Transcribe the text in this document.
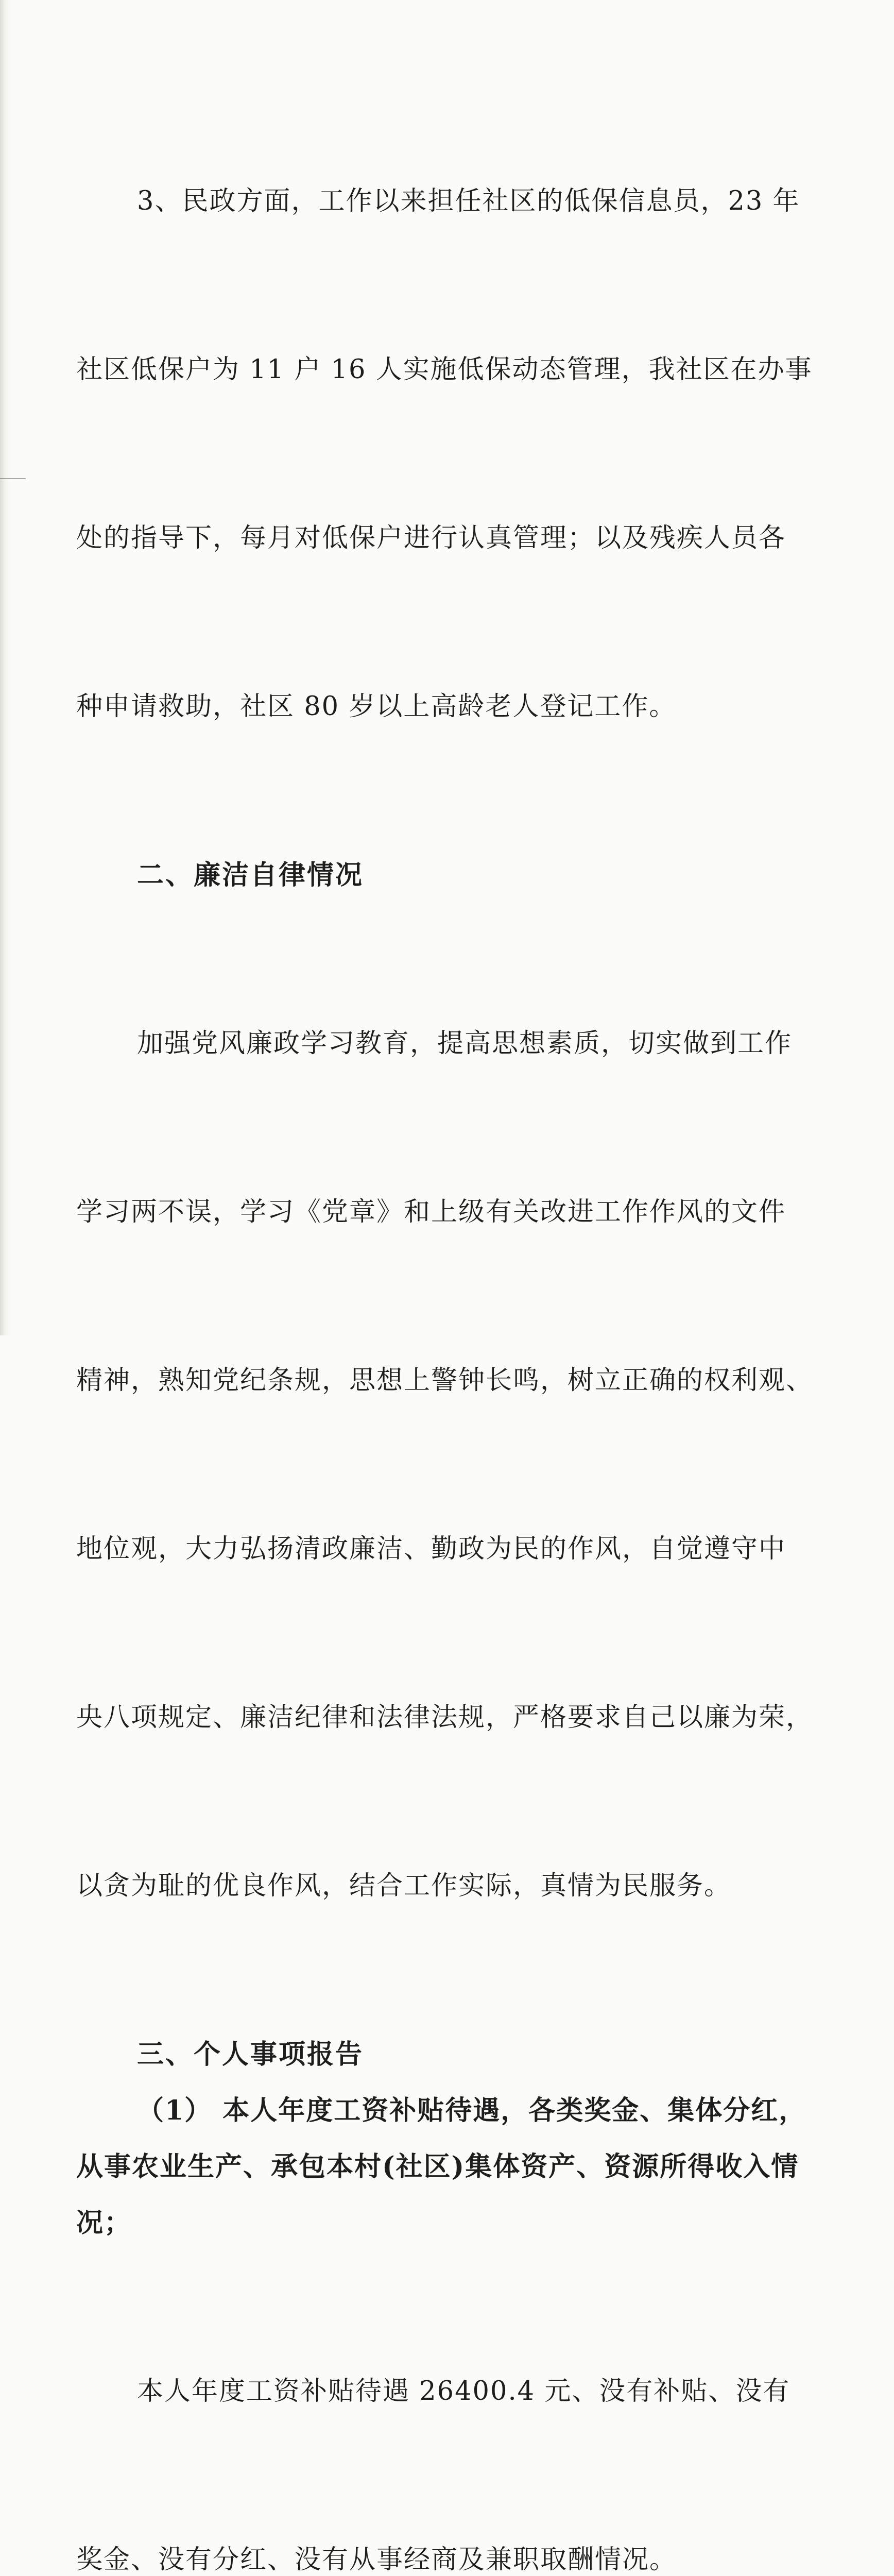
3、民政方面，工作以来担任社区的低保信息员，23 年

社区低保户为 11 户 16 人实施低保动态管理，我社区在办事

处的指导下，每月对低保户进行认真管理；以及残疾人员各

种申请救助，社区 80 岁以上高龄老人登记工作。

二、廉洁自律情况

加强党风廉政学习教育，提高思想素质，切实做到工作

学习两不误，学习《党章》和上级有关改进工作作风的文件

精神，熟知党纪条规，思想上警钟长鸣，树立正确的权利观、

地位观，大力弘扬清政廉洁、勤政为民的作风，自觉遵守中

央八项规定、廉洁纪律和法律法规，严格要求自己以廉为荣，

以贪为耻的优良作风，结合工作实际，真情为民服务。

三、个人事项报告

（1） 本人年度工资补贴待遇，各类奖金、集体分红，
从事农业生产、承包本村(社区)集体资产、资源所得收入情
况；

本人年度工资补贴待遇 26400.4 元、没有补贴、没有

奖金、没有分红、没有从事经商及兼职取酬情况。
